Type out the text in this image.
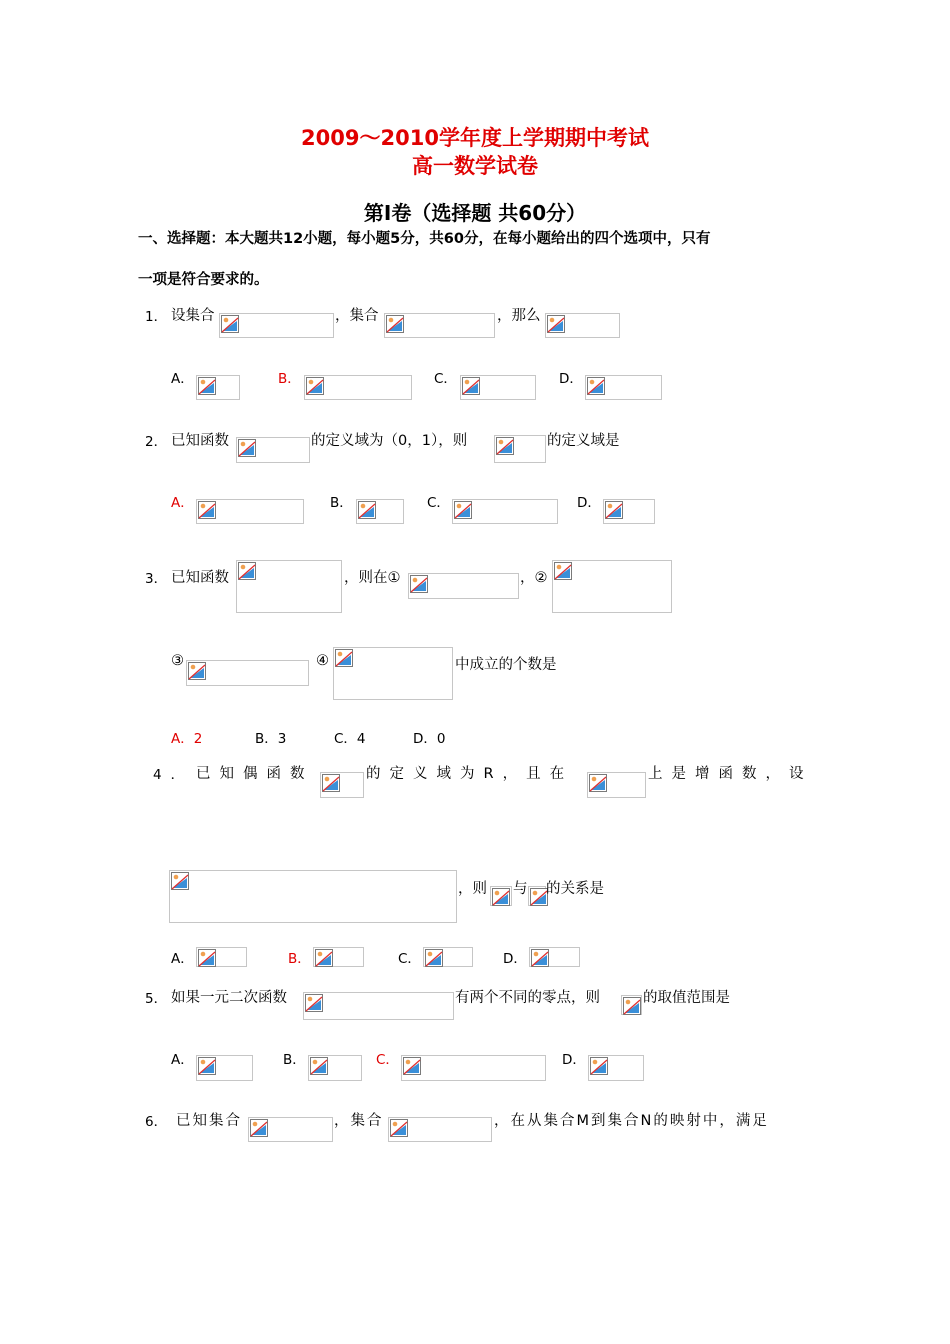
2009～2010学年度上学期期中考试
高一数学试卷
第Ⅰ卷（选择题 共60分）
一、选择题：本大题共12小题，每小题5分，共60分，在每小题给出的四个选项中，只有
一项是符合要求的。
1． 设集合	，集合	，那么
A．	B．	C．	D．
2． 已知函数	的定义域为（0，1），则	的定义域是
A．	B．	C．	D．
3． 已知函数	，则在①	，②
③	④	中成立的个数是
A．2	B．3	C．4	D．0
4． 已知偶函数	的定义域为R，且在	上是增函数，设
，则 与 的关系是
A．	B．	C．	D．
5． 如果一元二次函数	有两个不同的零点，则	的取值范围是
A．	B．	C．	D．
6． 已知集合	，集合	，在从集合M到集合N的映射中，满足
